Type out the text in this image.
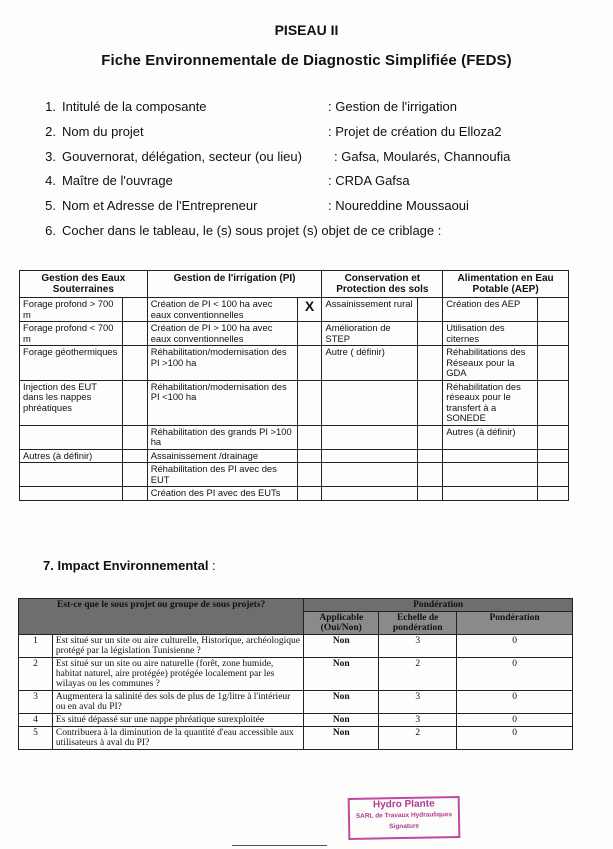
PISEAU II
Fiche Environnementale de Diagnostic Simplifiée (FEDS)
1. Intitulé de la composante	: Gestion de l'irrigation
2. Nom du projet	: Projet de création du Elloza2
3. Gouvernorat, délégation, secteur (ou lieu) : Gafsa, Moularés, Channoufia
4. Maître de l'ouvrage	: CRDA Gafsa
5. Nom et Adresse de l'Entrepreneur	: Noureddine Moussaoui
6. Cocher dans le tableau, le (s) sous projet (s) objet de ce criblage :
Gestion des Eaux Souterraines		Gestion de l'irrigation (PI)		Conservation et Protection des sols		Alimentation en Eau Potable (AEP)	
Forage profond > 700 m		Création de PI < 100 ha avec eaux conventionnelles	X	Assainissement rural		Création des AEP	
Forage profond < 700 m		Création de PI > 100 ha avec eaux conventionnelles		Amélioration de STEP		Utilisation des citernes	
Forage géothermiques		Réhabilitation/modernisation des PI >100 ha		Autre ( définir)		Réhabilitations des Réseaux pour la GDA	
Injection des EUT dans les nappes phréatiques		Réhabilitation/modernisation des PI <100 ha				Réhabilitation des réseaux pour le transfert à a SONEDE	
		Réhabilitation des grands PI >100 ha				Autres (à définir)	
Autres (à définir)		Assainissement /drainage					
		Réhabilitation des PI avec des EUT					
		Création des PI avec des EUTs					
7. Impact Environnemental :
Est-ce que le sous projet ou groupe de sous projets?		Pondération		
		Applicable (Oui/Non)	Echelle de pondération	Pondération
1	Est situé sur un site ou aire culturelle, Historique, archéologique protégé par la législation Tunisienne ?	Non	3	0
2	Est situé sur un site ou aire naturelle (forêt, zone humide, habitat naturel, aire protégée) protégée localement par les wilayas ou les communes ?	Non	2	0
3	Augmentera la salinité des sols de plus de 1g/litre à l'intérieur ou en aval du PI?	Non	3	0
4	Es situé dépassé sur une nappe phréatique surexploitée	Non	3	0
5	Contribuera à la diminution de la quantité d'eau accessible aux utilisateurs à aval du PI?	Non	2	0
Hydro Plante
SARL de Travaux Hydrauliques
Signature
